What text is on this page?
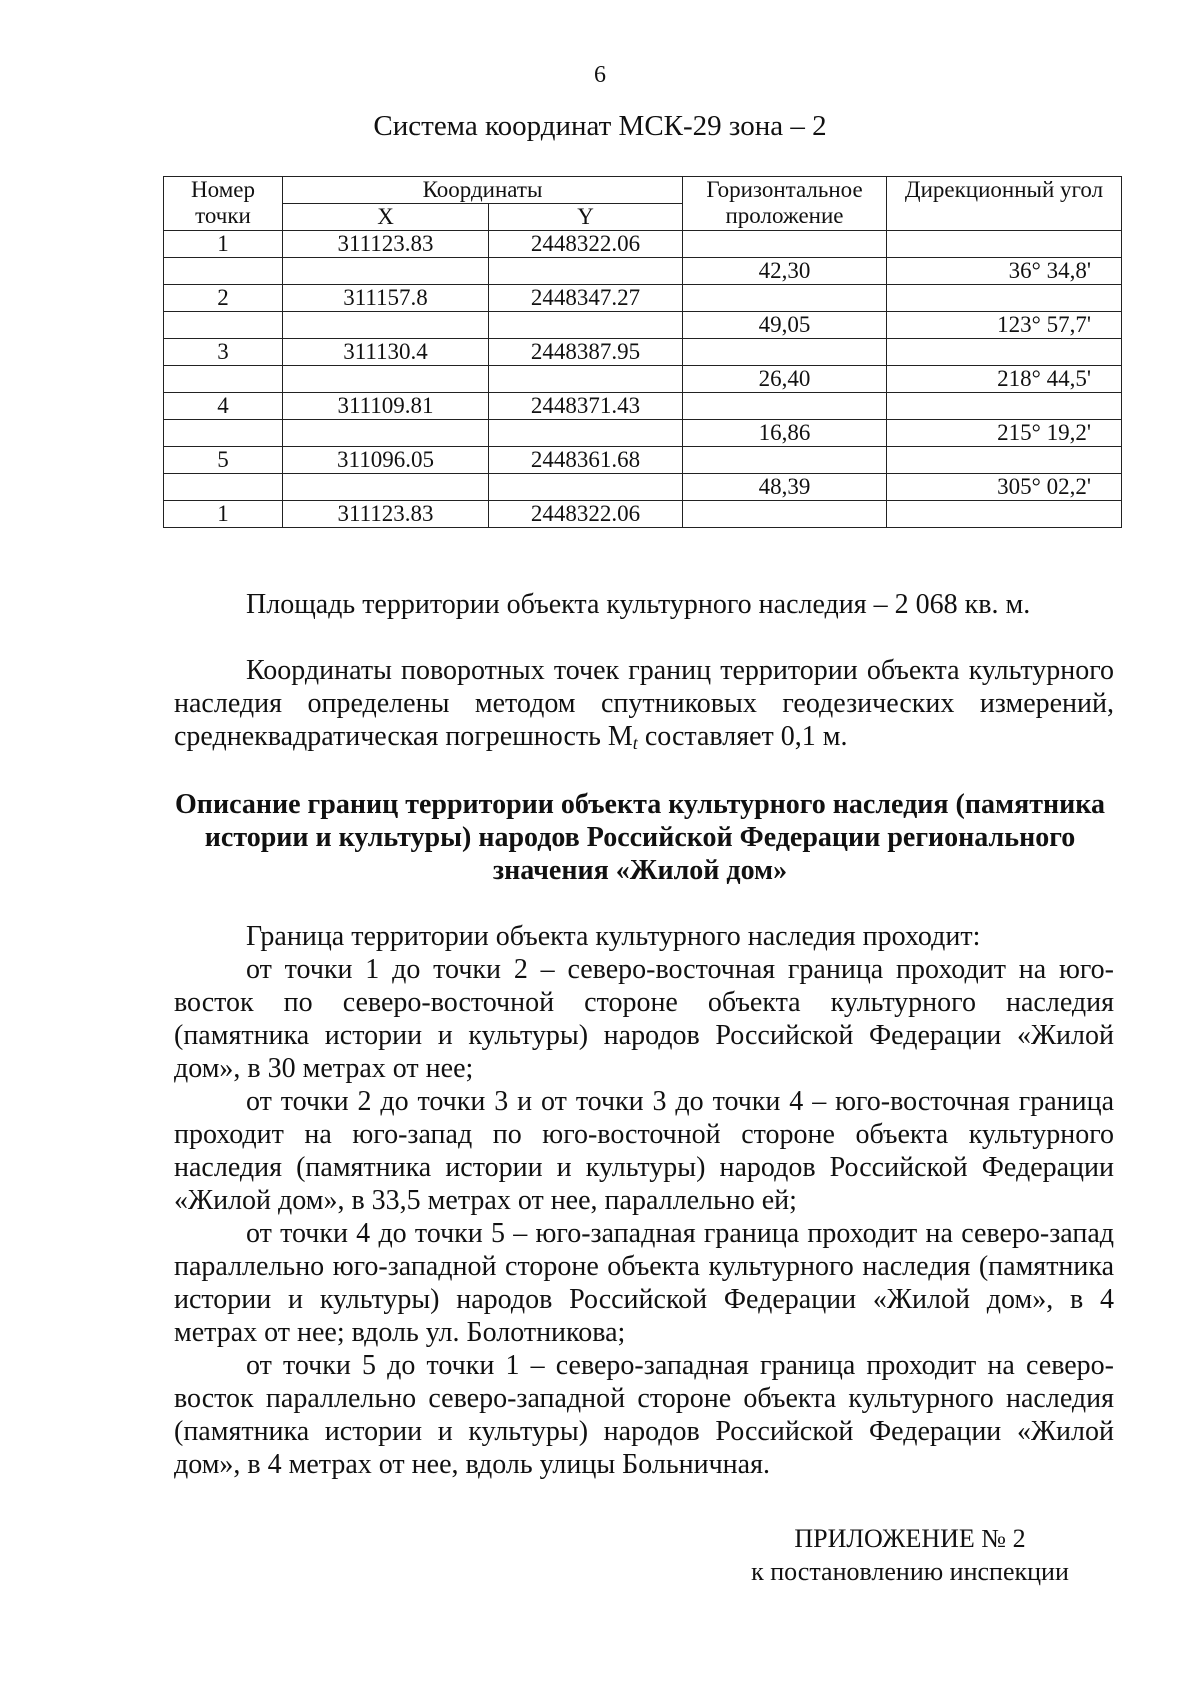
6
Система координат МСК-29 зона – 2
Номер точки	Координаты		Горизонтальное проложение	Дирекционный угол
	X	Y		
1	311123.83	2448322.06		
			42,30	36° 34,8'
2	311157.8	2448347.27		
			49,05	123° 57,7'
3	311130.4	2448387.95		
			26,40	218° 44,5'
4	311109.81	2448371.43		
			16,86	215° 19,2'
5	311096.05	2448361.68		
			48,39	305° 02,2'
1	311123.83	2448322.06		
Площадь территории объекта культурного наследия – 2 068 кв. м.
Координаты поворотных точек границ территории объекта культурного наследия определены методом спутниковых геодезических измерений, среднеквадратическая погрешность $M_t$ составляет 0,1 м.
Описание границ территории объекта культурного наследия (памятника истории и культуры) народов Российской Федерации регионального значения «Жилой дом»

Граница территории объекта культурного наследия проходит:

от точки 1 до точки 2 – северо-восточная граница проходит на юго-восток по северо-восточной стороне объекта культурного наследия (памятника истории и культуры) народов Российской Федерации «Жилой дом», в 30 метрах от нее;

от точки 2 до точки 3 и от точки 3 до точки 4 – юго-восточная граница проходит на юго-запад по юго-восточной стороне объекта культурного наследия (памятника истории и культуры) народов Российской Федерации «Жилой дом», в 33,5 метрах от нее, параллельно ей;

от точки 4 до точки 5 – юго-западная граница проходит на северо-запад параллельно юго-западной стороне объекта культурного наследия (памятника истории и культуры) народов Российской Федерации «Жилой дом», в 4 метрах от нее; вдоль ул. Болотникова;

от точки 5 до точки 1 – северо-западная граница проходит на северо-восток параллельно северо-западной стороне объекта культурного наследия (памятника истории и культуры) народов Российской Федерации «Жилой дом», в 4 метрах от нее, вдоль улицы Больничная.

ПРИЛОЖЕНИЕ № 2
к постановлению инспекции
